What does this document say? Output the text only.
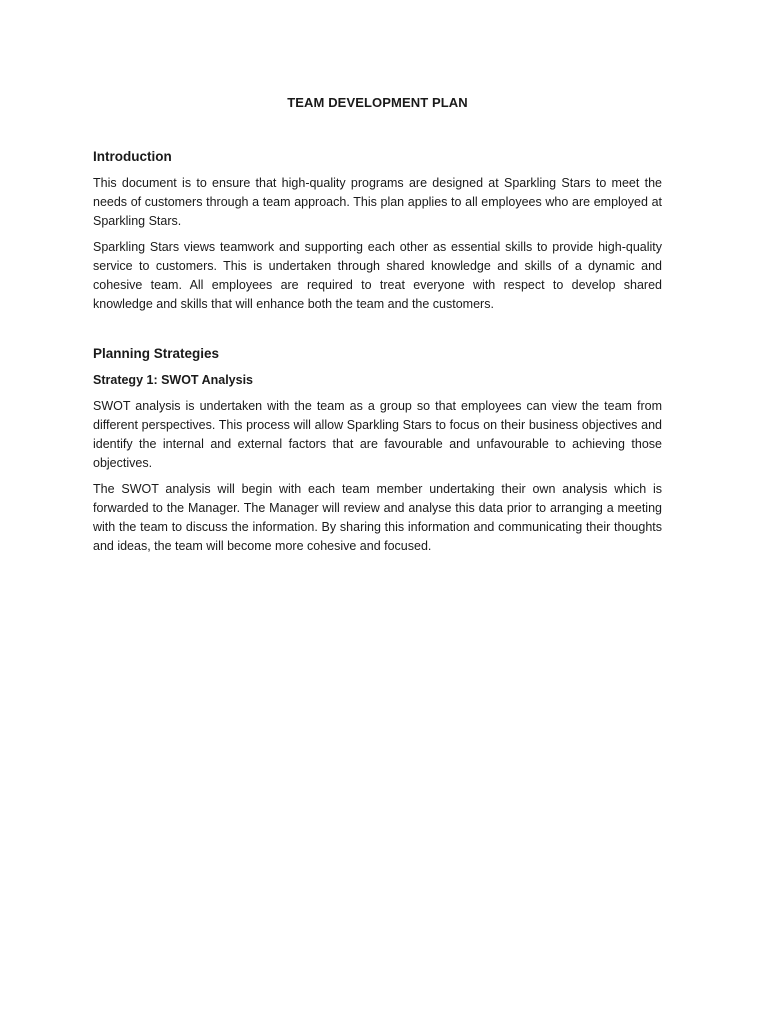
TEAM DEVELOPMENT PLAN
Introduction

This document is to ensure that high-quality programs are designed at Sparkling Stars to meet the needs of customers through a team approach. This plan applies to all employees who are employed at Sparkling Stars.

Sparkling Stars views teamwork and supporting each other as essential skills to provide high-quality service to customers. This is undertaken through shared knowledge and skills of a dynamic and cohesive team. All employees are required to treat everyone with respect to develop shared knowledge and skills that will enhance both the team and the customers.

Planning Strategies
Strategy 1: SWOT Analysis

SWOT analysis is undertaken with the team as a group so that employees can view the team from different perspectives. This process will allow Sparkling Stars to focus on their business objectives and identify the internal and external factors that are favourable and unfavourable to achieving those objectives.

The SWOT analysis will begin with each team member undertaking their own analysis which is forwarded to the Manager. The Manager will review and analyse this data prior to arranging a meeting with the team to discuss the information. By sharing this information and communicating their thoughts and ideas, the team will become more cohesive and focused.
